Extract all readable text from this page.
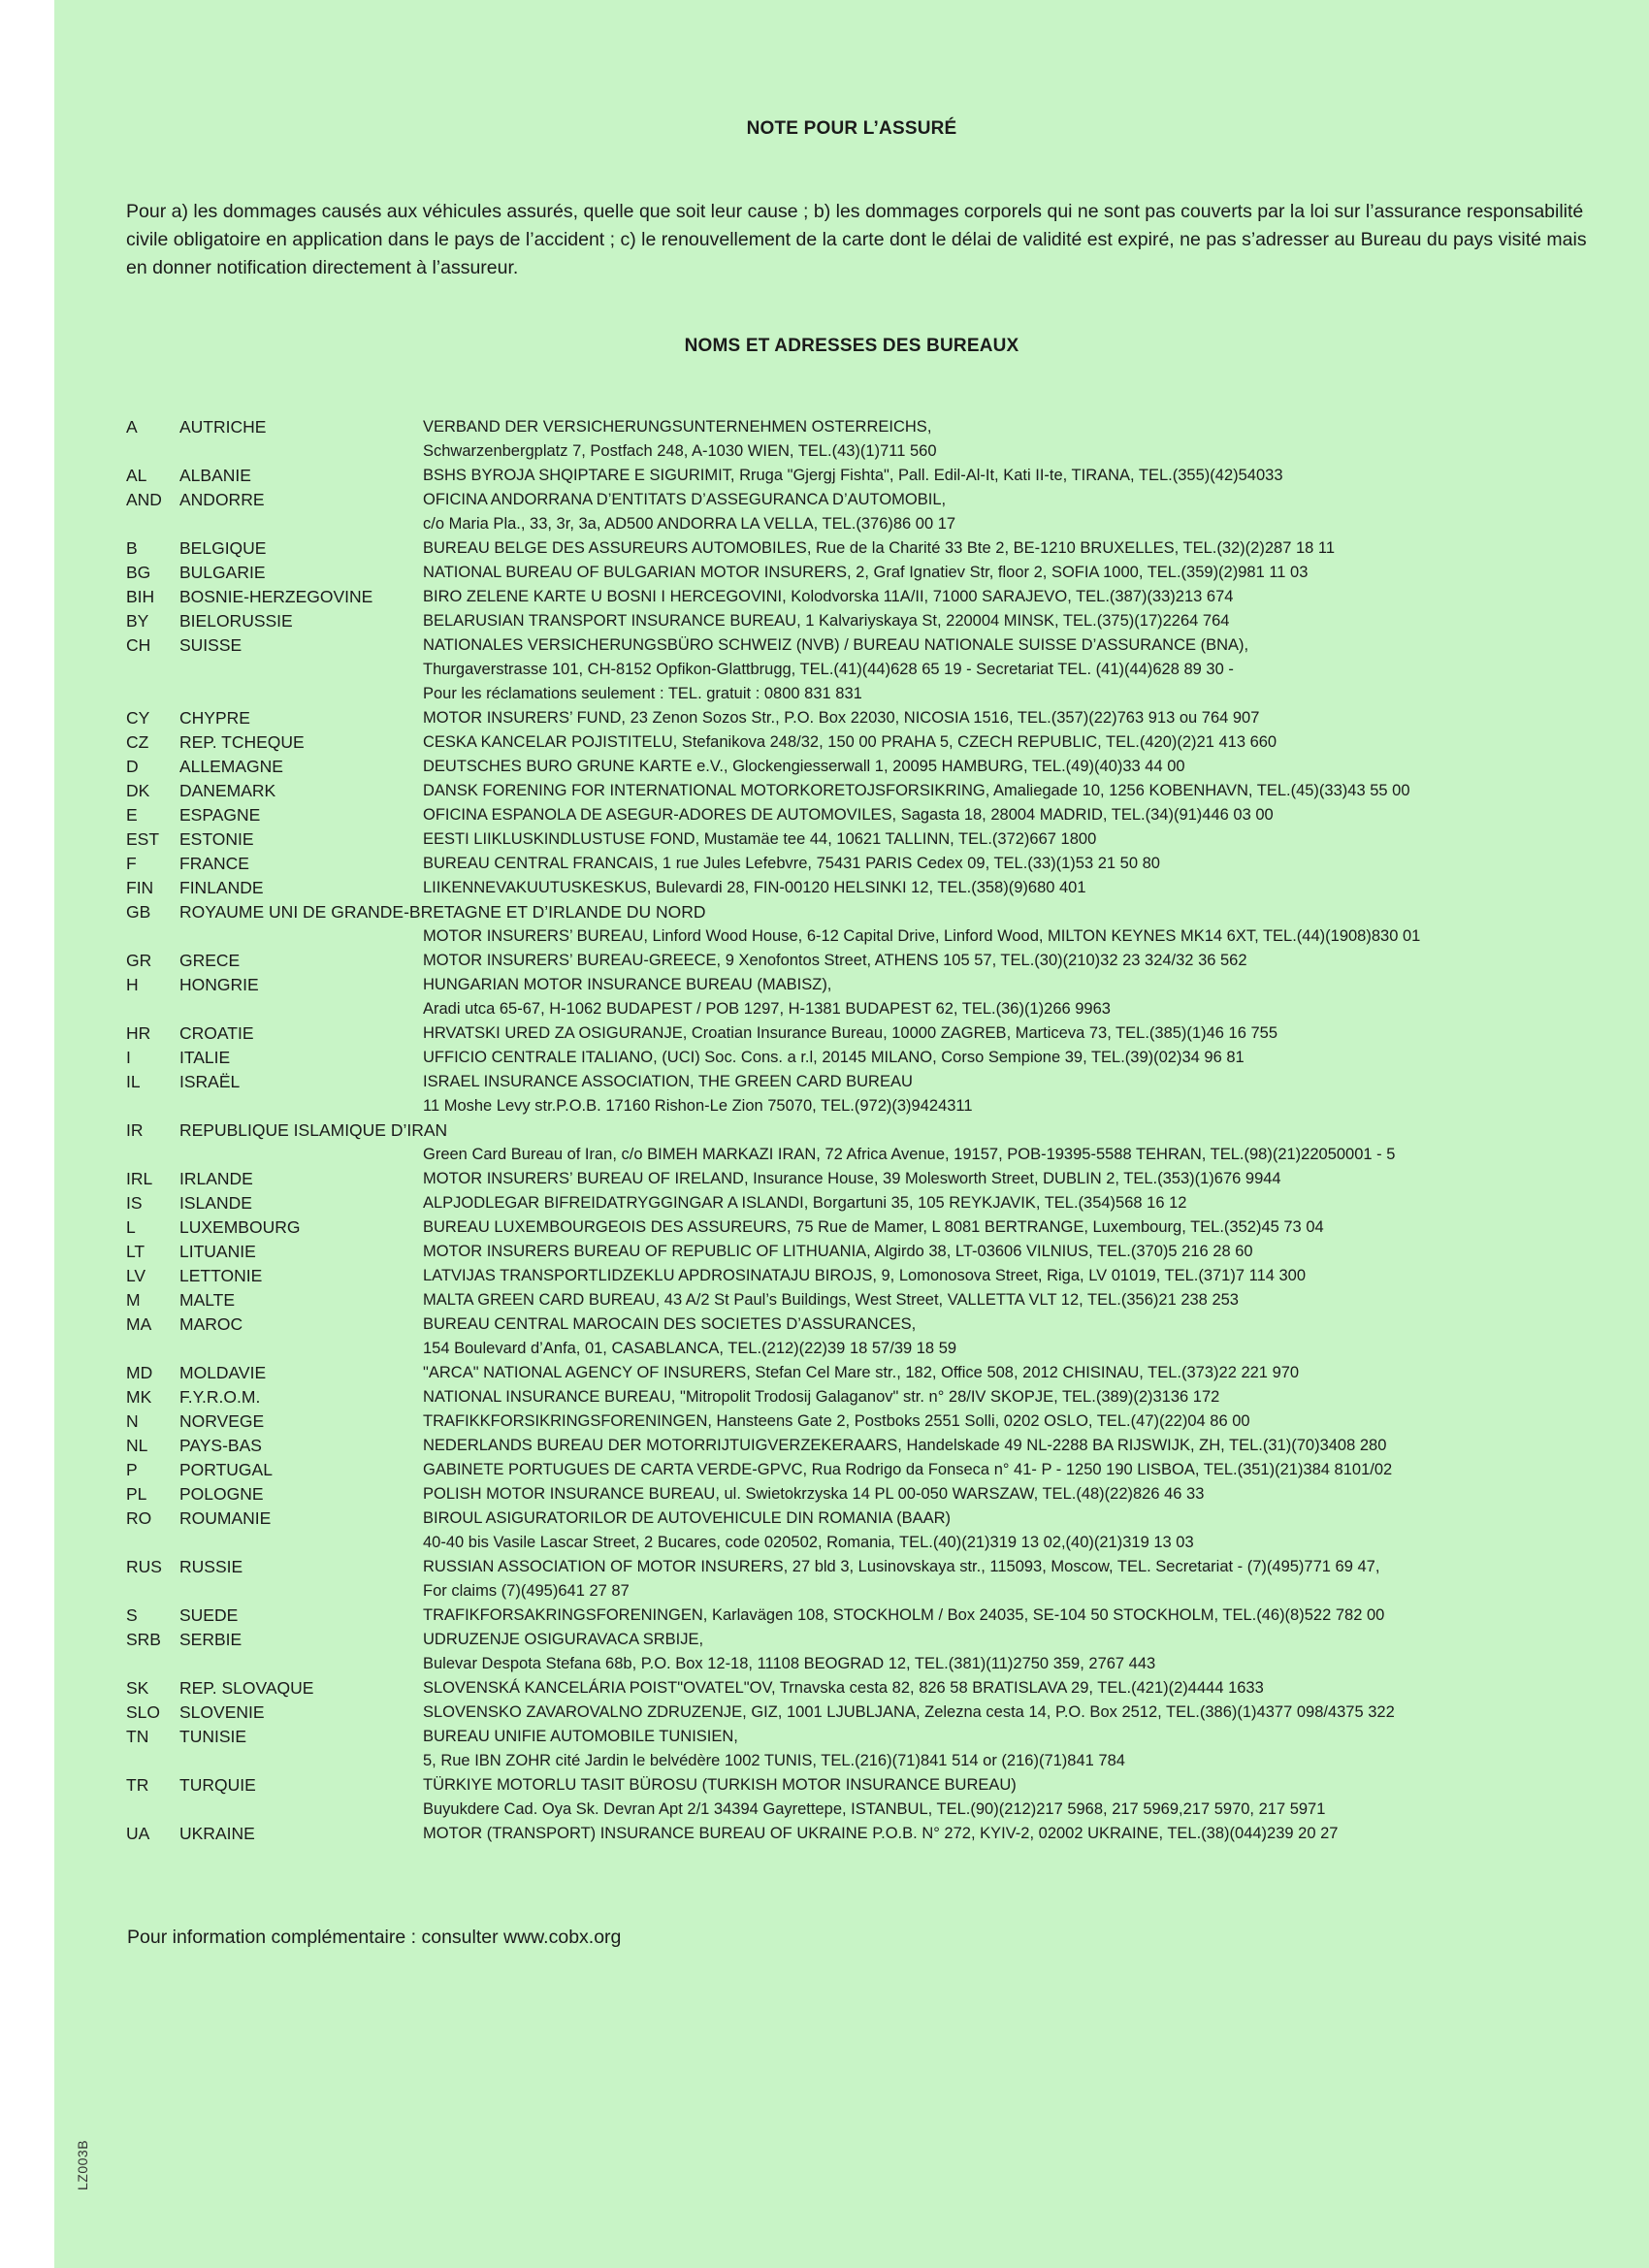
NOTE POUR L’ASSURÉ

Pour a) les dommages causés aux véhicules assurés, quelle que soit leur cause ; b) les dommages corporels qui ne sont pas couverts par la loi sur l’assurance responsabilité civile obligatoire en application dans le pays de l’accident ; c) le renouvellement de la carte dont le délai de validité est expiré, ne pas s’adresser au Bureau du pays visité mais en donner notification directement à l’assureur.

NOMS ET ADRESSES DES BUREAUX
A	AUTRICHE	VERBAND DER VERSICHERUNGSUNTERNEHMEN OSTERREICHS,
Schwarzenbergplatz 7, Postfach 248, A-1030 WIEN, TEL.(43)(1)711 560
AL	ALBANIE	BSHS BYROJA SHQIPTARE E SIGURIMIT, Rruga "Gjergj Fishta", Pall. Edil-Al-It, Kati II-te, TIRANA, TEL.(355)(42)54033
AND	ANDORRE	OFICINA ANDORRANA D’ENTITATS D’ASSEGURANCA D’AUTOMOBIL,
c/o Maria Pla., 33, 3r, 3a, AD500 ANDORRA LA VELLA, TEL.(376)86 00 17
B	BELGIQUE	BUREAU BELGE DES ASSUREURS AUTOMOBILES, Rue de la Charité 33 Bte 2, BE-1210 BRUXELLES, TEL.(32)(2)287 18 11
BG	BULGARIE	NATIONAL BUREAU OF BULGARIAN MOTOR INSURERS, 2, Graf Ignatiev Str, floor 2, SOFIA 1000, TEL.(359)(2)981 11 03
BIH	BOSNIE-HERZEGOVINE	BIRO ZELENE KARTE U BOSNI I HERCEGOVINI, Kolodvorska 11A/II, 71000 SARAJEVO, TEL.(387)(33)213 674
BY	BIELORUSSIE	BELARUSIAN TRANSPORT INSURANCE BUREAU, 1 Kalvariyskaya St, 220004 MINSK, TEL.(375)(17)2264 764
CH	SUISSE	NATIONALES VERSICHERUNGSBÜRO SCHWEIZ (NVB) / BUREAU NATIONALE SUISSE D’ASSURANCE (BNA),
Thurgaverstrasse 101, CH-8152 Opfikon-Glattbrugg, TEL.(41)(44)628 65 19 - Secretariat TEL. (41)(44)628 89 30 -
Pour les réclamations seulement : TEL. gratuit : 0800 831 831
CY	CHYPRE	MOTOR INSURERS’ FUND, 23 Zenon Sozos Str., P.O. Box 22030, NICOSIA 1516, TEL.(357)(22)763 913 ou 764 907
CZ	REP. TCHEQUE	CESKA KANCELAR POJISTITELU, Stefanikova 248/32, 150 00 PRAHA 5, CZECH REPUBLIC, TEL.(420)(2)21 413 660
D	ALLEMAGNE	DEUTSCHES BURO GRUNE KARTE e.V., Glockengiesserwall 1, 20095 HAMBURG, TEL.(49)(40)33 44 00
DK	DANEMARK	DANSK FORENING FOR INTERNATIONAL MOTORKORETOJSFORSIKRING, Amaliegade 10, 1256 KOBENHAVN, TEL.(45)(33)43 55 00
E	ESPAGNE	OFICINA ESPANOLA DE ASEGUR-ADORES DE AUTOMOVILES, Sagasta 18, 28004 MADRID, TEL.(34)(91)446 03 00
EST	ESTONIE	EESTI LIIKLUSKINDLUSTUSE FOND, Mustamäe tee 44, 10621 TALLINN, TEL.(372)667 1800
F	FRANCE	BUREAU CENTRAL FRANCAIS, 1 rue Jules Lefebvre, 75431 PARIS Cedex 09, TEL.(33)(1)53 21 50 80
FIN	FINLANDE	LIIKENNEVAKUUTUSKESKUS, Bulevardi 28, FIN-00120 HELSINKI 12, TEL.(358)(9)680 401
GB	ROYAUME UNI DE GRANDE-BRETAGNE ET D’IRLANDE DU NORD
MOTOR INSURERS’ BUREAU, Linford Wood House, 6-12 Capital Drive, Linford Wood, MILTON KEYNES MK14 6XT, TEL.(44)(1908)830 01
GR	GRECE	MOTOR INSURERS’ BUREAU-GREECE, 9 Xenofontos Street, ATHENS 105 57, TEL.(30)(210)32 23 324/32 36 562
H	HONGRIE	HUNGARIAN MOTOR INSURANCE BUREAU (MABISZ),
Aradi utca 65-67, H-1062 BUDAPEST / POB 1297, H-1381 BUDAPEST 62, TEL.(36)(1)266 9963
HR	CROATIE	HRVATSKI URED ZA OSIGURANJE, Croatian Insurance Bureau, 10000 ZAGREB, Marticeva 73, TEL.(385)(1)46 16 755
I	ITALIE	UFFICIO CENTRALE ITALIANO, (UCI) Soc. Cons. a r.l, 20145 MILANO, Corso Sempione 39, TEL.(39)(02)34 96 81
IL	ISRAËL	ISRAEL INSURANCE ASSOCIATION, THE GREEN CARD BUREAU
11 Moshe Levy str.P.O.B. 17160 Rishon-Le Zion 75070, TEL.(972)(3)9424311
IR	REPUBLIQUE ISLAMIQUE D’IRAN
Green Card Bureau of Iran, c/o BIMEH MARKAZI IRAN, 72 Africa Avenue, 19157, POB-19395-5588 TEHRAN, TEL.(98)(21)22050001 - 5
IRL	IRLANDE	MOTOR INSURERS’ BUREAU OF IRELAND, Insurance House, 39 Molesworth Street, DUBLIN 2, TEL.(353)(1)676 9944
IS	ISLANDE	ALPJODLEGAR BIFREIDATRYGGINGAR A ISLANDI, Borgartuni 35, 105 REYKJAVIK, TEL.(354)568 16 12
L	LUXEMBOURG	BUREAU LUXEMBOURGEOIS DES ASSUREURS, 75 Rue de Mamer, L 8081 BERTRANGE, Luxembourg, TEL.(352)45 73 04
LT	LITUANIE	MOTOR INSURERS BUREAU OF REPUBLIC OF LITHUANIA, Algirdo 38, LT-03606 VILNIUS, TEL.(370)5 216 28 60
LV	LETTONIE	LATVIJAS TRANSPORTLIDZEKLU APDROSINATAJU BIROJS, 9, Lomonosova Street, Riga, LV 01019, TEL.(371)7 114 300
M	MALTE	MALTA GREEN CARD BUREAU, 43 A/2 St Paul’s Buildings, West Street, VALLETTA VLT 12, TEL.(356)21 238 253
MA	MAROC	BUREAU CENTRAL MAROCAIN DES SOCIETES D’ASSURANCES,
154 Boulevard d’Anfa, 01, CASABLANCA, TEL.(212)(22)39 18 57/39 18 59
MD	MOLDAVIE	"ARCA" NATIONAL AGENCY OF INSURERS, Stefan Cel Mare str., 182, Office 508, 2012 CHISINAU, TEL.(373)22 221 970
MK	F.Y.R.O.M.	NATIONAL INSURANCE BUREAU, "Mitropolit Trodosij Galaganov" str. n° 28/IV SKOPJE, TEL.(389)(2)3136 172
N	NORVEGE	TRAFIKKFORSIKRINGSFORENINGEN, Hansteens Gate 2, Postboks 2551 Solli, 0202 OSLO, TEL.(47)(22)04 86 00
NL	PAYS-BAS	NEDERLANDS BUREAU DER MOTORRIJTUIGVERZEKERAARS, Handelskade 49 NL-2288 BA RIJSWIJK, ZH, TEL.(31)(70)3408 280
P	PORTUGAL	GABINETE PORTUGUES DE CARTA VERDE-GPVC, Rua Rodrigo da Fonseca n° 41- P - 1250 190 LISBOA, TEL.(351)(21)384 8101/02
PL	POLOGNE	POLISH MOTOR INSURANCE BUREAU, ul. Swietokrzyska 14 PL 00-050 WARSZAW, TEL.(48)(22)826 46 33
RO	ROUMANIE	BIROUL ASIGURATORILOR DE AUTOVEHICULE DIN ROMANIA (BAAR)
40-40 bis Vasile Lascar Street, 2 Bucares, code 020502, Romania, TEL.(40)(21)319 13 02,(40)(21)319 13 03
RUS	RUSSIE	RUSSIAN ASSOCIATION OF MOTOR INSURERS, 27 bld 3, Lusinovskaya str., 115093, Moscow, TEL. Secretariat - (7)(495)771 69 47,
For claims (7)(495)641 27 87
S	SUEDE	TRAFIKFORSAKRINGSFORENINGEN, Karlavägen 108, STOCKHOLM / Box 24035, SE-104 50 STOCKHOLM, TEL.(46)(8)522 782 00
SRB	SERBIE	UDRUZENJE OSIGURAVACA SRBIJE,
Bulevar Despota Stefana 68b, P.O. Box 12-18, 11108 BEOGRAD 12, TEL.(381)(11)2750 359, 2767 443
SK	REP. SLOVAQUE	SLOVENSKÁ KANCELÁRIA POIST"OVATEL"OV, Trnavska cesta 82, 826 58 BRATISLAVA 29, TEL.(421)(2)4444 1633
SLO	SLOVENIE	SLOVENSKO ZAVAROVALNO ZDRUZENJE, GIZ, 1001 LJUBLJANA, Zelezna cesta 14, P.O. Box 2512, TEL.(386)(1)4377 098/4375 322
TN	TUNISIE	BUREAU UNIFIE AUTOMOBILE TUNISIEN,
5, Rue IBN ZOHR cité Jardin le belvédère 1002 TUNIS, TEL.(216)(71)841 514 or (216)(71)841 784
TR	TURQUIE	TÜRKIYE MOTORLU TASIT BÜROSU (TURKISH MOTOR INSURANCE BUREAU)
Buyukdere Cad. Oya Sk. Devran Apt 2/1 34394 Gayrettepe, ISTANBUL, TEL.(90)(212)217 5968, 217 5969,217 5970, 217 5971
UA	UKRAINE	MOTOR (TRANSPORT) INSURANCE BUREAU OF UKRAINE P.O.B. N° 272, KYIV-2, 02002 UKRAINE, TEL.(38)(044)239 20 27
Pour information complémentaire : consulter www.cobx.org
LZ003B
